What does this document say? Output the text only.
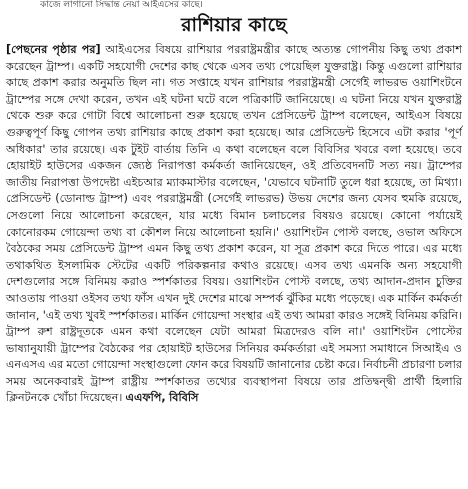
কাজে লাগানো সিদ্ধান্ত নেয়া আইএসের কাছে।
রাশিয়ার কাছে
[পেছনের পৃষ্ঠার পর] আইএসের বিষয়ে রাশিয়ার পররাষ্ট্রমন্ত্রীর কাছে অত্যন্ত গোপনীয় কিছু তথ্য প্রকাশ করেছেন ট্রাম্প। একটি সহযোগী দেশের কাছ থেকে এসব তথ্য পেয়েছিল যুক্তরাষ্ট্র। কিন্তু এগুলো রাশিয়ার কাছে প্রকাশ করার অনুমতি ছিল না। গত সপ্তাহে যখন রাশিয়ার পররাষ্ট্রমন্ত্রী সের্গেই লাভরভ ওয়াশিংটনে ট্রাম্পের সঙ্গে দেখা করেন, তখন এই ঘটনা ঘটে বলে পত্রিকাটি জানিয়েছে। এ ঘটনা নিয়ে যখন যুক্তরাষ্ট্র থেকে শুরু করে গোটা বিশ্বে আলোচনা শুরু হয়েছে তখন প্রেসিডেন্ট ট্রাম্প বলেছেন, আইএস বিষয়ে গুরুত্বপূর্ণ কিছু গোপন তথ্য রাশিয়ার কাছে প্রকাশ করা হয়েছে। আর প্রেসিডেন্ট হিসেবে এটা করার 'পূর্ণ অধিকার' তার রয়েছে। এক টুইট বার্তায় তিনি এ কথা বলেছেন বলে বিবিসির খবরে বলা হয়েছে। তবে হোয়াইট হাউসের একজন জ্যেষ্ঠ নিরাপত্তা কর্মকর্তা জানিয়েছেন, ওই প্রতিবেদনটি সত্য নয়। ট্রাম্পের জাতীয় নিরাপত্তা উপদেষ্টা এইচআর ম্যাকমাস্টার বলেছেন, 'যেভাবে ঘটনাটি তুলে ধরা হয়েছে, তা মিথ্যা। প্রেসিডেন্ট (ডোনাল্ড ট্রাম্প) এবং পররাষ্ট্রমন্ত্রী (সের্গেই লাভরভ) উভয় দেশের জন্য যেসব হুমকি রয়েছে, সেগুলো নিয়ে আলোচনা করেছেন, যার মধ্যে বিমান চলাচলের বিষয়ও রয়েছে। কোনো পর্যায়েই কোনোরকম গোয়েন্দা তথ্য বা কৌশল নিয়ে আলোচনা হয়নি।' ওয়াশিংটন পোস্ট বলছে, ওভাল অফিসে বৈঠকের সময় প্রেসিডেন্ট ট্রাম্প এমন কিছু তথ্য প্রকাশ করেন, যা সূত্র প্রকাশ করে দিতে পারে। এর মধ্যে তথাকথিত ইসলামিক স্টেটের একটি পরিকল্পনার কথাও রয়েছে। এসব তথ্য এমনকি অন্য সহযোগী দেশগুলোর সঙ্গে বিনিময় করাও স্পর্শকাতর বিষয়। ওয়াশিংটন পোস্ট বলছে, তথ্য আদান-প্রদান চুক্তির আওতায় পাওয়া ওইসব তথ্য ফাঁস এখন দুই দেশের মাঝে সম্পর্ক ঝুঁকির মধ্যে পড়েছে। এক মার্কিন কর্মকর্তা জানান, 'এই তথ্য খুবই স্পর্শকাতর। মার্কিন গোয়েন্দা সংস্থার এই তথ্য আমরা কারও সঙ্গেই বিনিময় করিনি। ট্রাম্প রুশ রাষ্ট্রদূতকে এমন কথা বলেছেন যেটা আমরা মিত্রদেরও বলি না।' ওয়াশিংটন পোস্টের ভাষ্যানুযায়ী ট্রাম্পের বৈঠকের পর হোয়াইট হাউসের সিনিয়র কর্মকর্তারা এই সমস্যা সমাধানে সিআইএ ও এনএসএ এর মতো গোয়েন্দা সংস্থাগুলো ফোন করে বিষয়টি জানানোর চেষ্টা করে। নির্বাচনী প্রচারণা চলার সময় অনেকবারই ট্রাম্প রাষ্ট্রীয় স্পর্শকাতর তথ্যের ব্যবস্থাপনা বিষয়ে তার প্রতিদ্বন্দ্বী প্রার্থী হিলারি ক্লিনটনকে খোঁচা দিয়েছেন। এএফপি, বিবিসি
